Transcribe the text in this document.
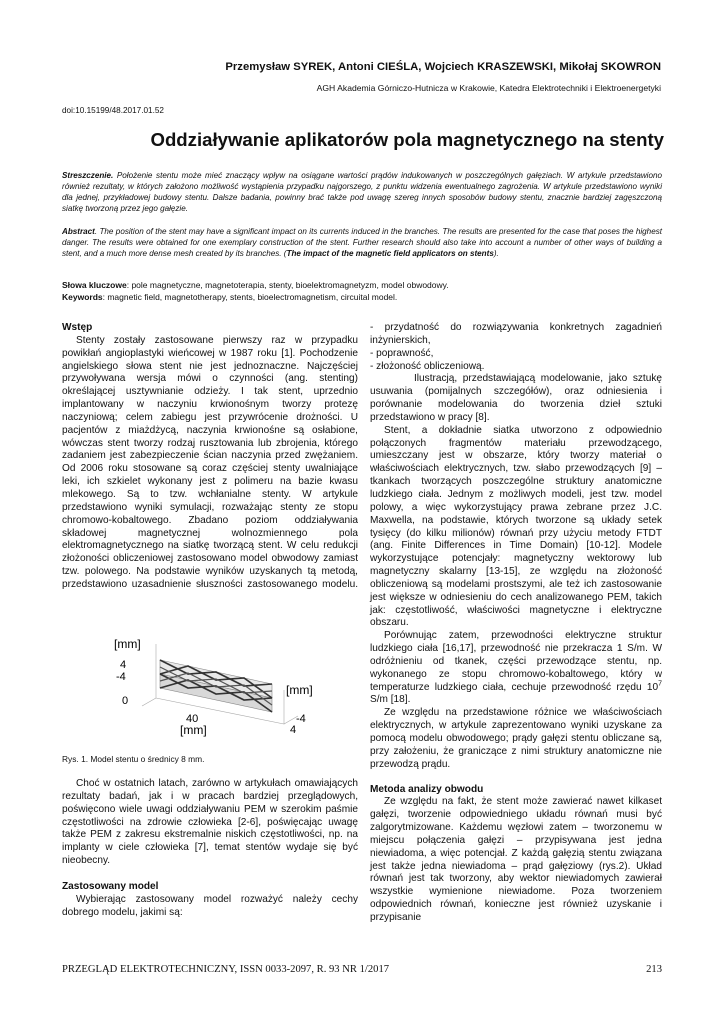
Przemysław SYREK, Antoni CIEŚLA, Wojciech KRASZEWSKI, Mikołaj SKOWRON
AGH Akademia Górniczo-Hutnicza w Krakowie, Katedra Elektrotechniki i Elektroenergetyki
doi:10.15199/48.2017.01.52
Oddziaływanie aplikatorów pola magnetycznego na stenty
Streszczenie. Położenie stentu może mieć znaczący wpływ na osiągane wartości prądów indukowanych w poszczególnych gałęziach. W artykule przedstawiono również rezultaty, w których założono możliwość wystąpienia przypadku najgorszego, z punktu widzenia ewentualnego zagrożenia. W artykule przedstawiono wyniki dla jednej, przykładowej budowy stentu. Dalsze badania, powinny brać także pod uwagę szereg innych sposobów budowy stentu, znacznie bardziej zagęszczoną siatkę tworzoną przez jego gałęzie.
Abstract. The position of the stent may have a significant impact on its currents induced in the branches. The results are presented for the case that poses the highest danger. The results were obtained for one exemplary construction of the stent. Further research should also take into account a number of other ways of building a stent, and a much more dense mesh created by its branches. (The impact of the magnetic field applicators on stents).
Słowa kluczowe: pole magnetyczne, magnetoterapia, stenty, bioelektromagnetyzm, model obwodowy.
Keywords: magnetic field, magnetotherapy, stents, bioelectromagnetism, circuital model.
Wstęp

Stenty zostały zastosowane pierwszy raz w przypadku powikłań angioplastyki wieńcowej w 1987 roku [1]. Pochodzenie angielskiego słowa stent nie jest jednoznaczne. Najczęściej przywoływana wersja mówi o czynności (ang. stenting) określającej usztywnianie odzieży. I tak stent, uprzednio implantowany w naczyniu krwionośnym tworzy protezę naczyniową; celem zabiegu jest przywrócenie drożności. U pacjentów z miażdżycą, naczynia krwionośne są osłabione, wówczas stent tworzy rodzaj rusztowania lub zbrojenia, którego zadaniem jest zabezpieczenie ścian naczynia przed zwężaniem. Od 2006 roku stosowane są coraz częściej stenty uwalniające leki, ich szkielet wykonany jest z polimeru na bazie kwasu mlekowego. Są to tzw. wchłanialne stenty. W artykule przedstawiono wyniki symulacji, rozważając stenty ze stopu chromowo-kobaltowego. Zbadano poziom oddziaływania składowej magnetycznej wolnozmiennego pola elektromagnetycznego na siatkę tworzącą stent. W celu redukcji złożoności obliczeniowej zastosowano model obwodowy zamiast tzw. polowego. Na podstawie wyników uzyskanych tą metodą, przedstawiono uzasadnienie słuszności zastosowanego modelu.

[mm]
4
-4
0
[mm]
40
[mm]
-4
4
Rys. 1. Model stentu o średnicy 8 mm.

Choć w ostatnich latach, zarówno w artykułach omawiających rezultaty badań, jak i w pracach bardziej przeglądowych, poświęcono wiele uwagi oddziaływaniu PEM w szerokim paśmie częstotliwości na zdrowie człowieka [2-6], poświęcając uwagę także PEM z zakresu ekstremalnie niskich częstotliwości, np. na implanty w ciele człowieka [7], temat stentów wydaje się być nieobecny.

Zastosowany model

Wybierając zastosowany model rozważyć należy cechy dobrego modelu, jakimi są:

- przydatność do rozwiązywania konkretnych zagadnień inżynierskich,

- poprawność,

- złożoność obliczeniową.

Ilustracją, przedstawiającą modelowanie, jako sztukę usuwania (pomijalnych szczegółów), oraz odniesienia i porównanie modelowania do tworzenia dzieł sztuki przedstawiono w pracy [8].

Stent, a dokładnie siatka utworzono z odpowiednio połączonych fragmentów materiału przewodzącego, umieszczany jest w obszarze, który tworzy materiał o właściwościach elektrycznych, tzw. słabo przewodzących [9] – tkankach tworzących poszczególne struktury anatomiczne ludzkiego ciała. Jednym z możliwych modeli, jest tzw. model polowy, a więc wykorzystujący prawa zebrane przez J.C. Maxwella, na podstawie, których tworzone są układy setek tysięcy (do kilku milionów) równań przy użyciu metody FTDT (ang. Finite Differences in Time Domain) [10-12]. Modele wykorzystujące potencjały: magnetyczny wektorowy lub magnetyczny skalarny [13-15], ze względu na złożoność obliczeniową są modelami prostszymi, ale też ich zastosowanie jest większe w odniesieniu do cech analizowanego PEM, takich jak: częstotliwość, właściwości magnetyczne i elektryczne obszaru.

Porównując zatem, przewodności elektryczne struktur ludzkiego ciała [16,17], przewodność nie przekracza 1 S/m. W odróżnieniu od tkanek, części przewodzące stentu, np. wykonanego ze stopu chromowo-kobaltowego, który w temperaturze ludzkiego ciała, cechuje przewodność rzędu $10^7$ S/m [18].

Ze względu na przedstawione różnice we właściwościach elektrycznych, w artykule zaprezentowano wyniki uzyskane za pomocą modelu obwodowego; prądy gałęzi stentu obliczane są, przy założeniu, że graniczące z nimi struktury anatomiczne nie przewodzą prądu.

Metoda analizy obwodu

Ze względu na fakt, że stent może zawierać nawet kilkaset gałęzi, tworzenie odpowiedniego układu równań musi być zalgorytmizowane. Każdemu węzłowi zatem – tworzonemu w miejscu połączenia gałęzi – przypisywana jest jedna niewiadoma, a więc potencjał. Z każdą gałęzią stentu związana jest także jedna niewiadoma – prąd gałęziowy (rys.2). Układ równań jest tak tworzony, aby wektor niewiadomych zawierał wszystkie wymienione niewiadome. Poza tworzeniem odpowiednich równań, konieczne jest również uzyskanie i przypisanie

PRZEGLĄD ELEKTROTECHNICZNY, ISSN 0033-2097, R. 93 NR 1/2017	213
